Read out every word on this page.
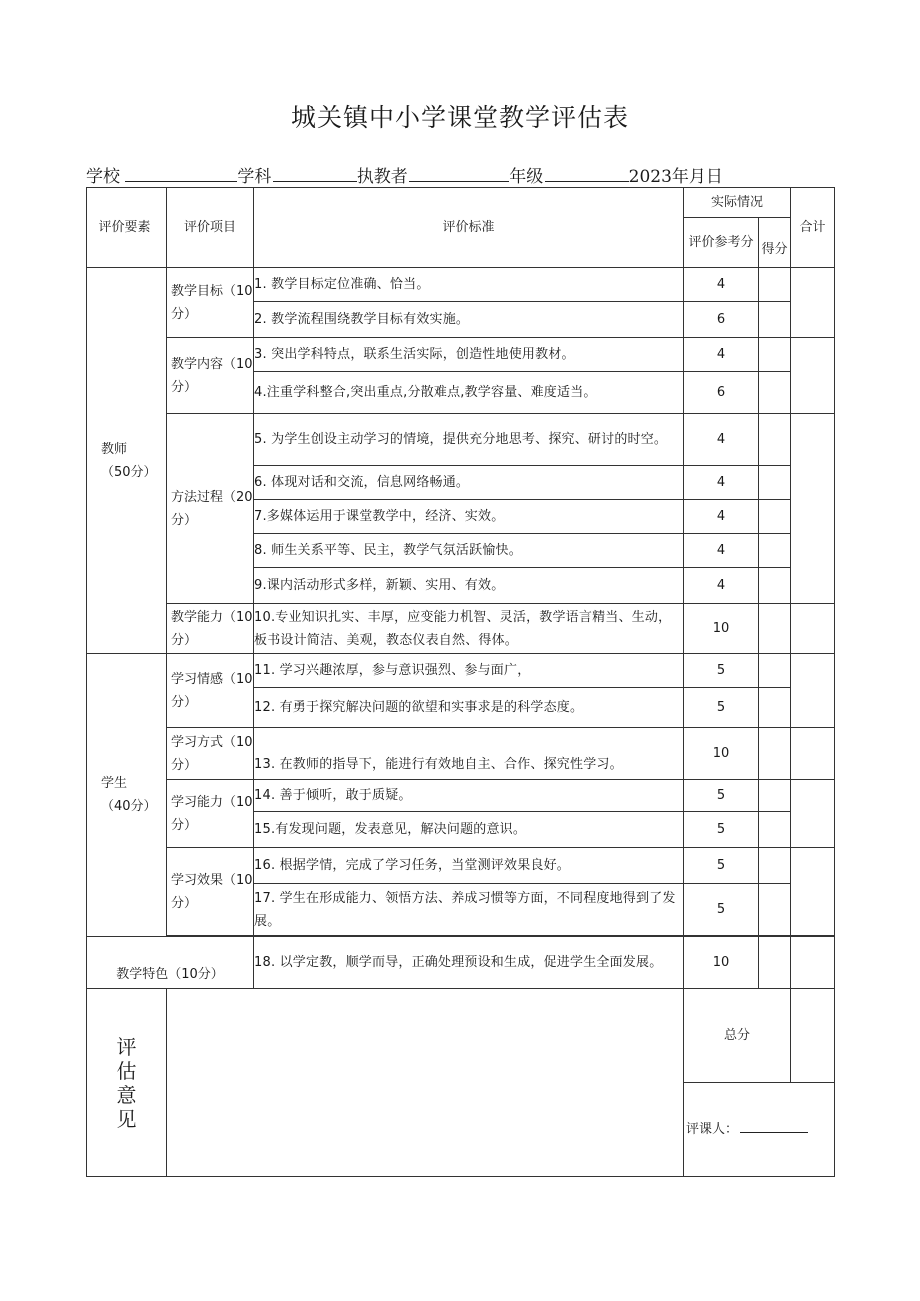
城关镇中小学课堂教学评估表
学校	学科	执教者	年级	2023年月日
评价要素	评价项目	评价标准	实际情况		合计

			评价参考分	得分	

教师（50分）	教学目标（10分）	1. 教学目标定位准确、恰当。	4		
		2. 教学流程围绕教学目标有效实施。	6		

	教学内容（10分）	3. 突出学科特点，联系生活实际，创造性地使用教材。	4		
		4.注重学科整合,突出重点,分散难点,教学容量、难度适当。	6		

	方法过程（20分）	5. 为学生创设主动学习的情境，提供充分地思考、探究、研讨的时空。	4		
		6. 体现对话和交流，信息网络畅通。	4		
		7.多媒体运用于课堂教学中，经济、实效。	4		
		8. 师生关系平等、民主，教学气氛活跃愉快。	4		
		9.课内活动形式多样，新颖、实用、有效。	4		

	教学能力（10分）	10.专业知识扎实、丰厚，应变能力机智、灵活，教学语言精当、生动，板书设计简洁、美观，教态仪表自然、得体。	10		

学生（40分）	学习情感（10分）	11. 学习兴趣浓厚，参与意识强烈、参与面广，	5		
		12. 有勇于探究解决问题的欲望和实事求是的科学态度。	5		

	学习方式（10分）	13. 在教师的指导下，能进行有效地自主、合作、探究性学习。	10		

	学习能力（10分）	14. 善于倾听，敢于质疑。	5		
		15.有发现问题，发表意见，解决问题的意识。	5		

	学习效果（10分）	16. 根据学情，完成了学习任务，当堂测评效果良好。	5		
		17. 学生在形成能力、领悟方法、养成习惯等方面，不同程度地得到了发展。	5		

教学特色（10分）		18. 以学定教，顺学而导，正确处理预设和生成，促进学生全面发展。	10		

评估意见			总分		
			评课人：		
